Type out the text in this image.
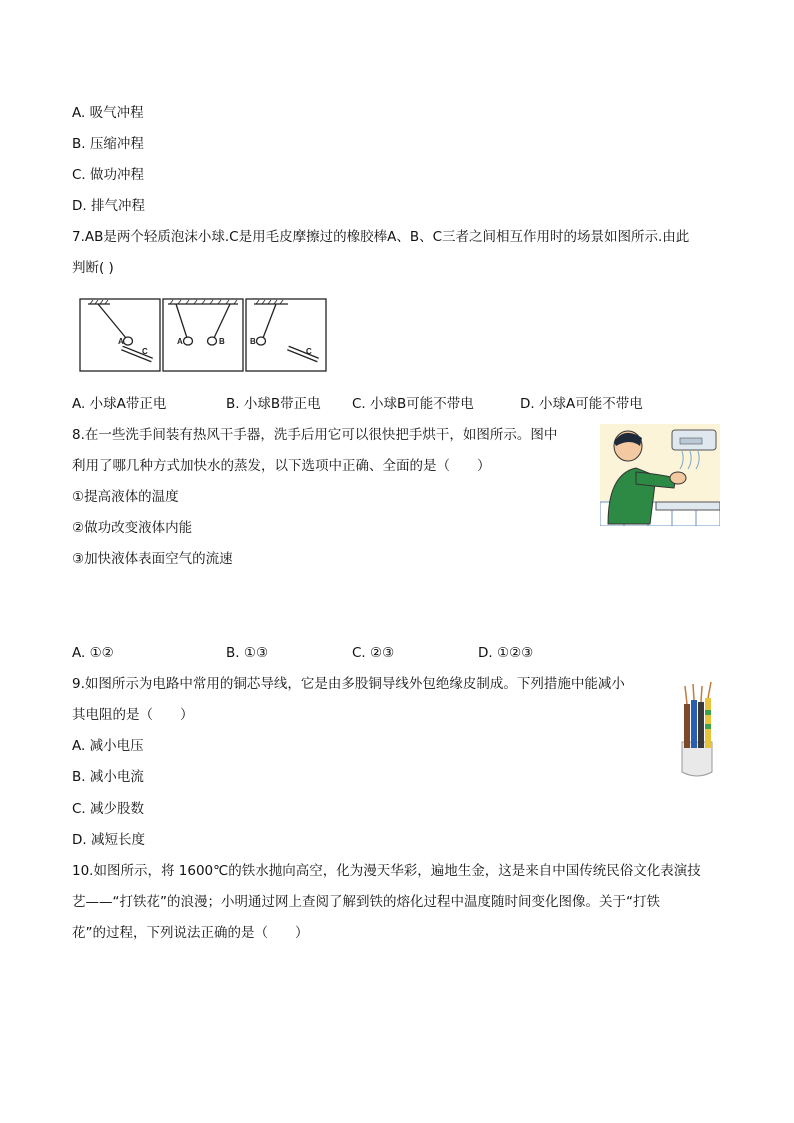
A. 吸气冲程
B. 压缩冲程
C. 做功冲程
D. 排气冲程
7.AB是两个轻质泡沫小球.C是用毛皮摩擦过的橡胶棒A、B、C三者之间相互作用时的场景如图所示.由此
判断( )
A
C
A	B	B
C
A. 小球A带正电	B. 小球B带正电 C. 小球B可能不带电	D. 小球A可能不带电
8.在一些洗手间装有热风干手器，洗手后用它可以很快把手烘干，如图所示。图中
利用了哪几种方式加快水的蒸发，以下选项中正确、全面的是（　　）
①提高液体的温度
②做功改变液体内能
③加快液体表面空气的流速
A. ①②	B. ①③	C. ②③	D. ①②③
9.如图所示为电路中常用的铜芯导线，它是由多股铜导线外包绝缘皮制成。下列措施中能减小
其电阻的是（　　）
A. 减小电压
B. 减小电流
C. 减少股数
D. 减短长度
10.如图所示，将 1600℃的铁水抛向高空，化为漫天华彩，遍地生金，这是来自中国传统民俗文化表演技
艺——“打铁花”的浪漫；小明通过网上查阅了解到铁的熔化过程中温度随时间变化图像。关于“打铁
花”的过程，下列说法正确的是（　　）
